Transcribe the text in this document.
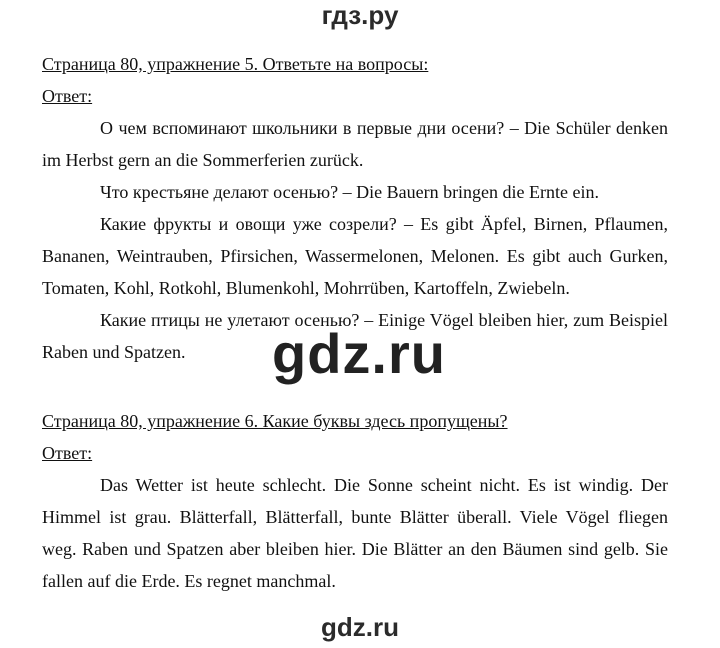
гдз.ру
Страница 80, упражнение 5. Ответьте на вопросы:
Ответ:

О чем вспоминают школьники в первые дни осени? – Die Schüler denken im Herbst gern an die Sommerferien zurück.

Что крестьяне делают осенью? – Die Bauern bringen die Ernte ein.

Какие фрукты и овощи уже созрели? – Es gibt Äpfel, Birnen, Pflaumen, Bananen, Weintrauben, Pfirsichen, Wassermelonen, Melonen. Es gibt auch Gurken, Tomaten, Kohl, Rotkohl, Blumenkohl, Mohrrüben, Kartoffeln, Zwiebeln.

Какие птицы не улетают осенью? – Einige Vögel bleiben hier, zum Beispiel Raben und Spatzen.	gdz.ru
Страница 80, упражнение 6. Какие буквы здесь пропущены?
Ответ:

Das Wetter ist heute schlecht. Die Sonne scheint nicht. Es ist windig. Der Himmel ist grau. Blätterfall, Blätterfall, bunte Blätter überall. Viele Vögel fliegen weg. Raben und Spatzen aber bleiben hier. Die Blätter an den Bäumen sind gelb. Sie fallen auf die Erde. Es regnet manchmal.

gdz.ru
